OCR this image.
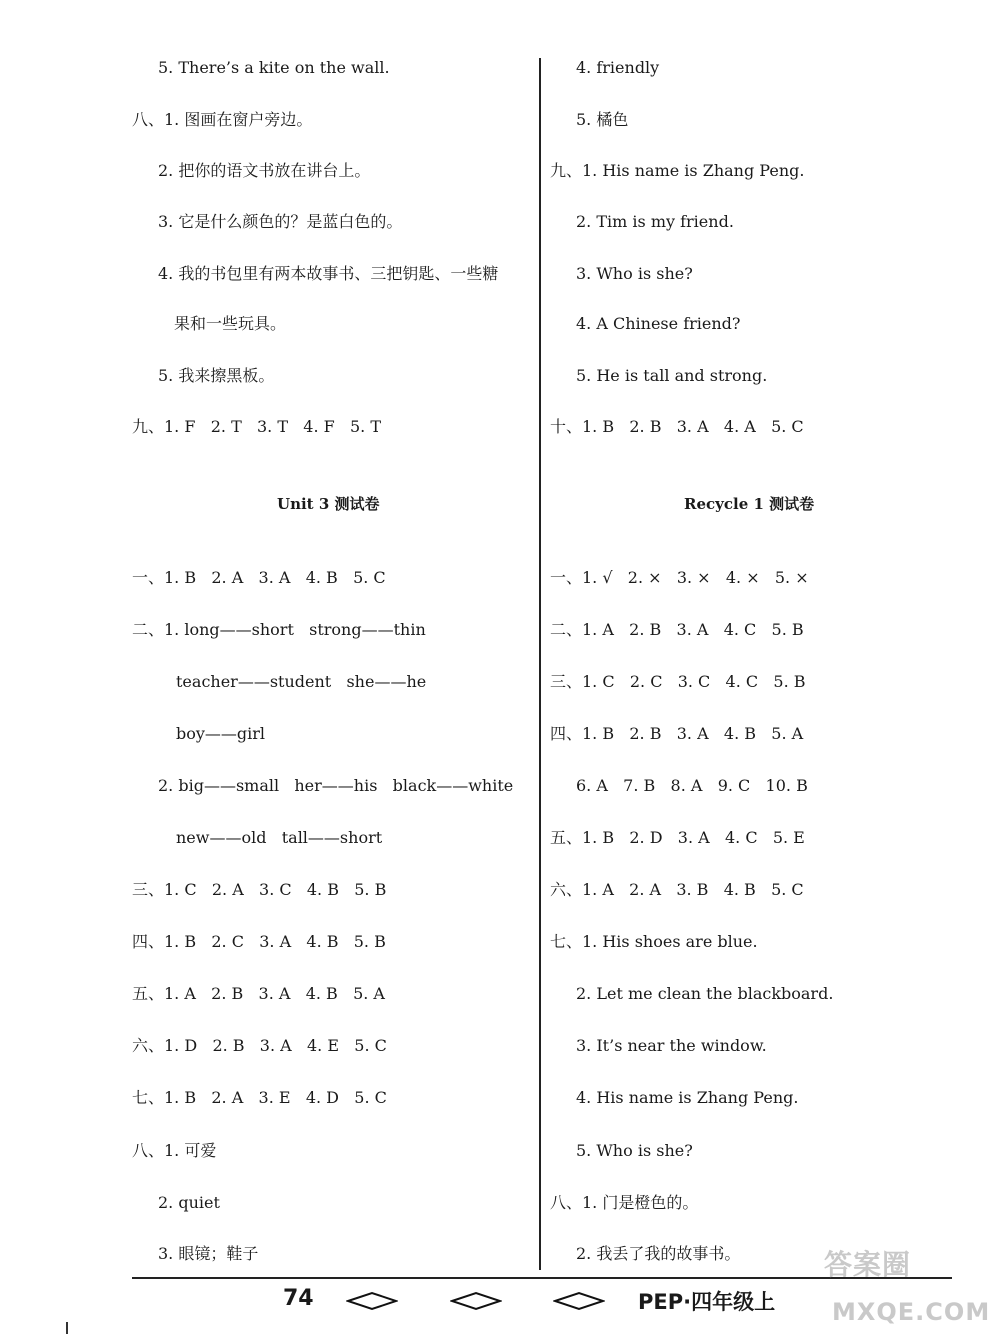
5. There’s a kite on the wall.
八、1. 图画在窗户旁边。
2. 把你的语文书放在讲台上。
3. 它是什么颜色的？是蓝白色的。
4. 我的书包里有两本故事书、三把钥匙、一些糖
果和一些玩具。
5. 我来擦黑板。
九、1. F   2. T   3. T   4. F   5. T
Unit 3 测试卷
一、1. B   2. A   3. A   4. B   5. C
二、1. long——short   strong——thin
teacher——student   she——he
boy——girl
2. big——small   her——his   black——white
new——old   tall——short
三、1. C   2. A   3. C   4. B   5. B
四、1. B   2. C   3. A   4. B   5. B
五、1. A   2. B   3. A   4. B   5. A
六、1. D   2. B   3. A   4. E   5. C
七、1. B   2. A   3. E   4. D   5. C
八、1. 可爱
2. quiet
3. 眼镜；鞋子
4. friendly
5. 橘色
九、1. His name is Zhang Peng.
2. Tim is my friend.
3. Who is she?
4. A Chinese friend?
5. He is tall and strong.
十、1. B   2. B   3. A   4. A   5. C
Recycle 1 测试卷
一、1. √   2. ×   3. ×   4. ×   5. ×
二、1. A   2. B   3. A   4. C   5. B
三、1. C   2. C   3. C   4. C   5. B
四、1. B   2. B   3. A   4. B   5. A
6. A   7. B   8. A   9. C   10. B
五、1. B   2. D   3. A   4. C   5. E
六、1. A   2. A   3. B   4. B   5. C
七、1. His shoes are blue.
2. Let me clean the blackboard.
3. It’s near the window.
4. His name is Zhang Peng.
5. Who is she?
八、1. 门是橙色的。
2. 我丢了我的故事书。
74	PEP·四年级上
答案圈
MXQE.COM
